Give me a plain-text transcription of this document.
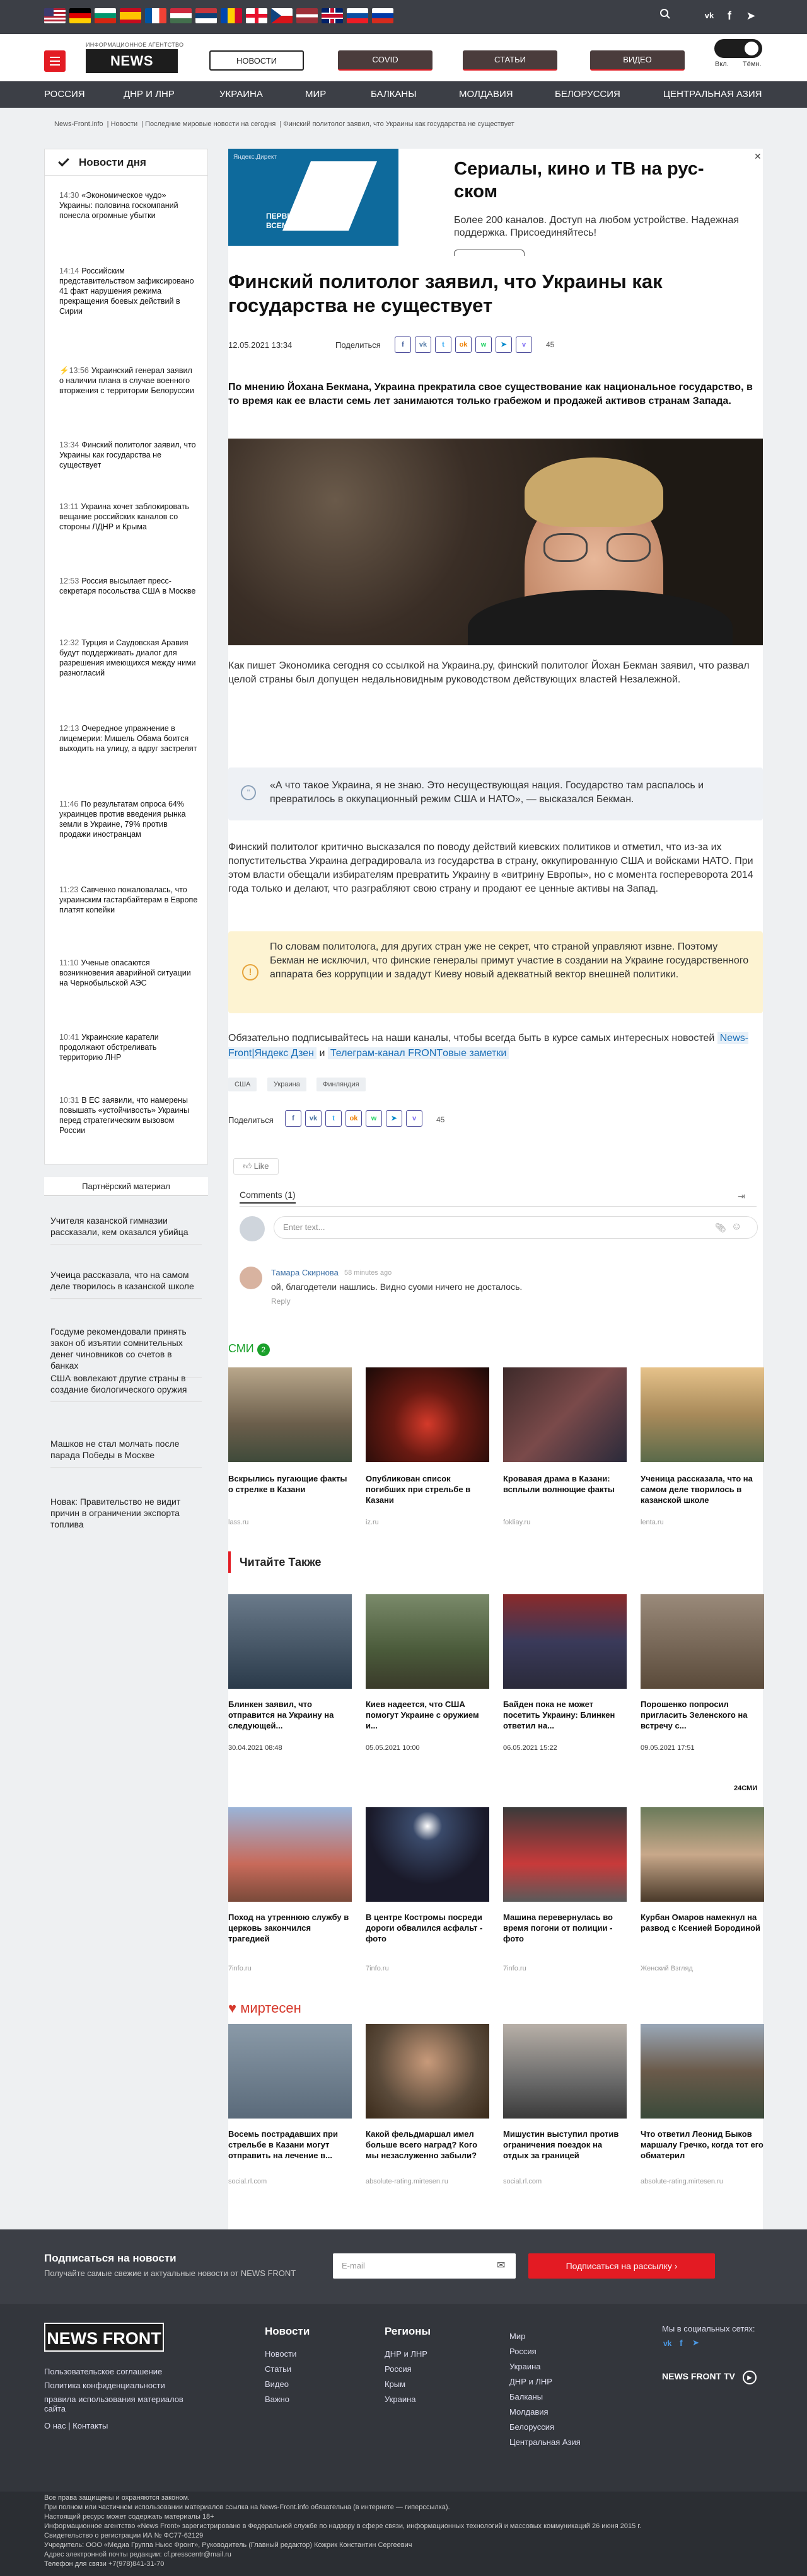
vk	f	➤
ИНФОРМАЦИОННОЕ АГЕНТСТВО
NEWS	НОВОСТИ	COVID	СТАТЬИ	ВИДЕО	Вкл. Тёмн.
РОССИЯ	ДНР И ЛНР	УКРАИНА	МИР	БАЛКАНЫ	МОЛДАВИЯ	БЕЛОРУССИЯ	ЦЕНТРАЛЬНАЯ АЗИЯ
News-Front.info | Новости | Последние мировые новости на сегодня | Финский политолог заявил, что Украины как государства не существует
Новости дня
14:30 «Экономическое чудо» Украины: половина госкомпаний понесла огромные убытки
14:14 Российским представительством зафиксировано 41 факт нарушения режима прекращения боевых действий в Сирии
⚡13:56 Украинский генерал заявил о наличии плана в случае военного вторжения с территории Белоруссии
13:34 Финский политолог заявил, что Украины как государства не существует
13:11 Украина хочет заблокировать вещание российских каналов со стороны ЛДНР и Крыма
12:53 Россия высылает пресс-секретаря посольства США в Москве
12:32 Турция и Саудовская Аравия будут поддерживать диалог для разрешения имеющихся между ними разногласий
12:13 Очередное упражнение в лицемерии: Мишель Обама боится выходить на улицу, а вдруг застрелят
11:46 По результатам опроса 64% украинцев против введения рынка земли в Украине, 79% против продажи иностранцам
11:23 Савченко пожаловалась, что украинским гастарбайтерам в Европе платят копейки
11:10 Ученые опасаются возникновения аварийной ситуации на Чернобыльской АЭС
10:41 Украинские каратели продолжают обстреливать территорию ЛНР
10:31 В ЕС заявили, что намерены повышать «устойчивость» Украины перед стратегическим вызовом России
Партнёрский материал
Учителя казанской гимназии рассказали, кем оказался убийца
Учеица рассказала, что на самом деле творилось в казанской школе
Госдуме рекомендовали принять закон об изъятии сомнительных денег чиновников со счетов в банках
США вовлекают другие страны в создание биологического оружия
Машков не стал молчать после парада Победы в Москве
Новак: Правительство не видит причин в ограничении экспорта топлива
Яндекс.Директ
ПЕРВЫЙ КАНАЛ ВСЕМИРНАЯ СЕТЬ
Сериалы, кино и ТВ на рус-ском
Более 200 каналов. Доступ на любом устройстве. Надежная поддержка. Присоединяйтесь!
✕
Финский политолог заявил, что Украины как государства не существует
12.05.2021 13:34	Поделиться	f	vk	t	ok	w	➤	v	45
По мнению Йохана Бекмана, Украина прекратила свое существование как национальное государство, в то время как ее власти семь лет занимаются только грабежом и продажей активов странам Запада.
Как пишет Экономика сегодня со ссылкой на Украина.ру, финский политолог Йохан Бекман заявил, что развал целой страны был допущен недальновидным руководством действующих властей Незалежной.
"
«А что такое Украина, я не знаю. Это несуществующая нация. Государство там распалось и превратилось в оккупационный режим США и НАТО», — высказался Бекман.
Финский политолог критично высказался по поводу действий киевских политиков и отметил, что из-за их попустительства Украина деградировала из государства в страну, оккупированную США и войсками НАТО. При этом власти обещали избирателям превратить Украину в «витрину Европы», но с момента госпереворота 2014 года только и делают, что разграбляют свою страну и продают ее ценные активы на Запад.
!
По словам политолога, для других стран уже не секрет, что страной управляют извне. Поэтому Бекман не исключил, что финские генералы примут участие в создании на Украине государственного аппарата без коррупции и зададут Киеву новый адекватный вектор внешней политики.
Обязательно подписывайтесь на наши каналы, чтобы всегда быть в курсе самых интересных новостей News-Front|Яндекс Дзен и Телеграм-канал FRONTовые заметки
США	Украина	Финляндия
Поделиться	f	vk	t	ok	w	➤	v	45
👍︎ Like
Comments (1)	⇥
Enter text...	📎︎ ☺
Тамара Скирнова 58 minutes ago
ой, благодетели нашлись. Видно суоми ничего не досталось.
Reply
СМИ 2
Вскрылись пугающие факты о стрелке в Казани
lass.ru
Опубликован список погибших при стрельбе в Казани
iz.ru
Кровавая драма в Казани: всплыли волнющие факты
fokliay.ru
Ученица рассказала, что на самом деле творилось в казанской школе
lenta.ru
Читайте Также
Блинкен заявил, что отправится на Украину на следующей...
30.04.2021 08:48
Киев надеется, что США помогут Украине с оружием и...
05.05.2021 10:00
Байден пока не может посетить Украину: Блинкен ответил на...
06.05.2021 15:22
Порошенко попросил пригласить Зеленского на встречу с...
09.05.2021 17:51
24СМИ
Поход на утреннюю службу в церковь закончился трагедией
7info.ru
В центре Костромы посреди дороги обвалился асфальт - фото
7info.ru
Машина перевернулась во время погони от полиции - фото
7info.ru
Курбан Омаров намекнул на развод с Ксенией Бородиной
Женский Взгляд
♥ миртесен
Восемь пострадавших при стрельбе в Казани могут отправить на лечение в...
social.rl.com
Какой фельдмаршал имел больше всего наград? Кого мы незаслуженно забыли?
absolute-rating.mirtesen.ru
Мишустин выступил против ограничения поездок на отдых за границей
social.rl.com
Что ответил Леонид Быков маршалу Гречко, когда тот его обматерил
absolute-rating.mirtesen.ru
Подписаться на новости
Получайте самые свежие и актуальные новости от NEWS FRONT
E-mail	✉	Подписаться на рассылку ›
NEWS FRONT
Пользовательское соглашение
Политика конфиденциальности
правила использования материалов сайта
О нас | Контакты
Новости
Новости
Статьи
Видео
Важно
Регионы
ДНР и ЛНР
Россия
Крым
Украина
Мир
Россия
Украина
ДНР и ЛНР
Балканы
Молдавия
Белоруссия
Центральная Азия
Мы в социальных сетях:
vk f ➤
NEWS FRONT TV ▶
Все права защищены и охраняются законом.
При полном или частичном использовании материалов ссылка на News-Front.info обязательна (в интернете — гиперссылка).
Настоящий ресурс может содержать материалы 18+
Информационное агентство «News Front» зарегистрировано в Федеральной службе по надзору в сфере связи, информационных технологий и массовых коммуникаций 26 июня 2015 г.
Свидетельство о регистрации ИА № ФС77-62129
Учредитель: ООО «Медиа Группа Ньюс Фронт», Руководитель (Главный редактор) Кожрик Константин Сергеевич
Адрес электронной почты редакции: cf.presscentr@mail.ru
Телефон для связи +7(978)841-31-70
